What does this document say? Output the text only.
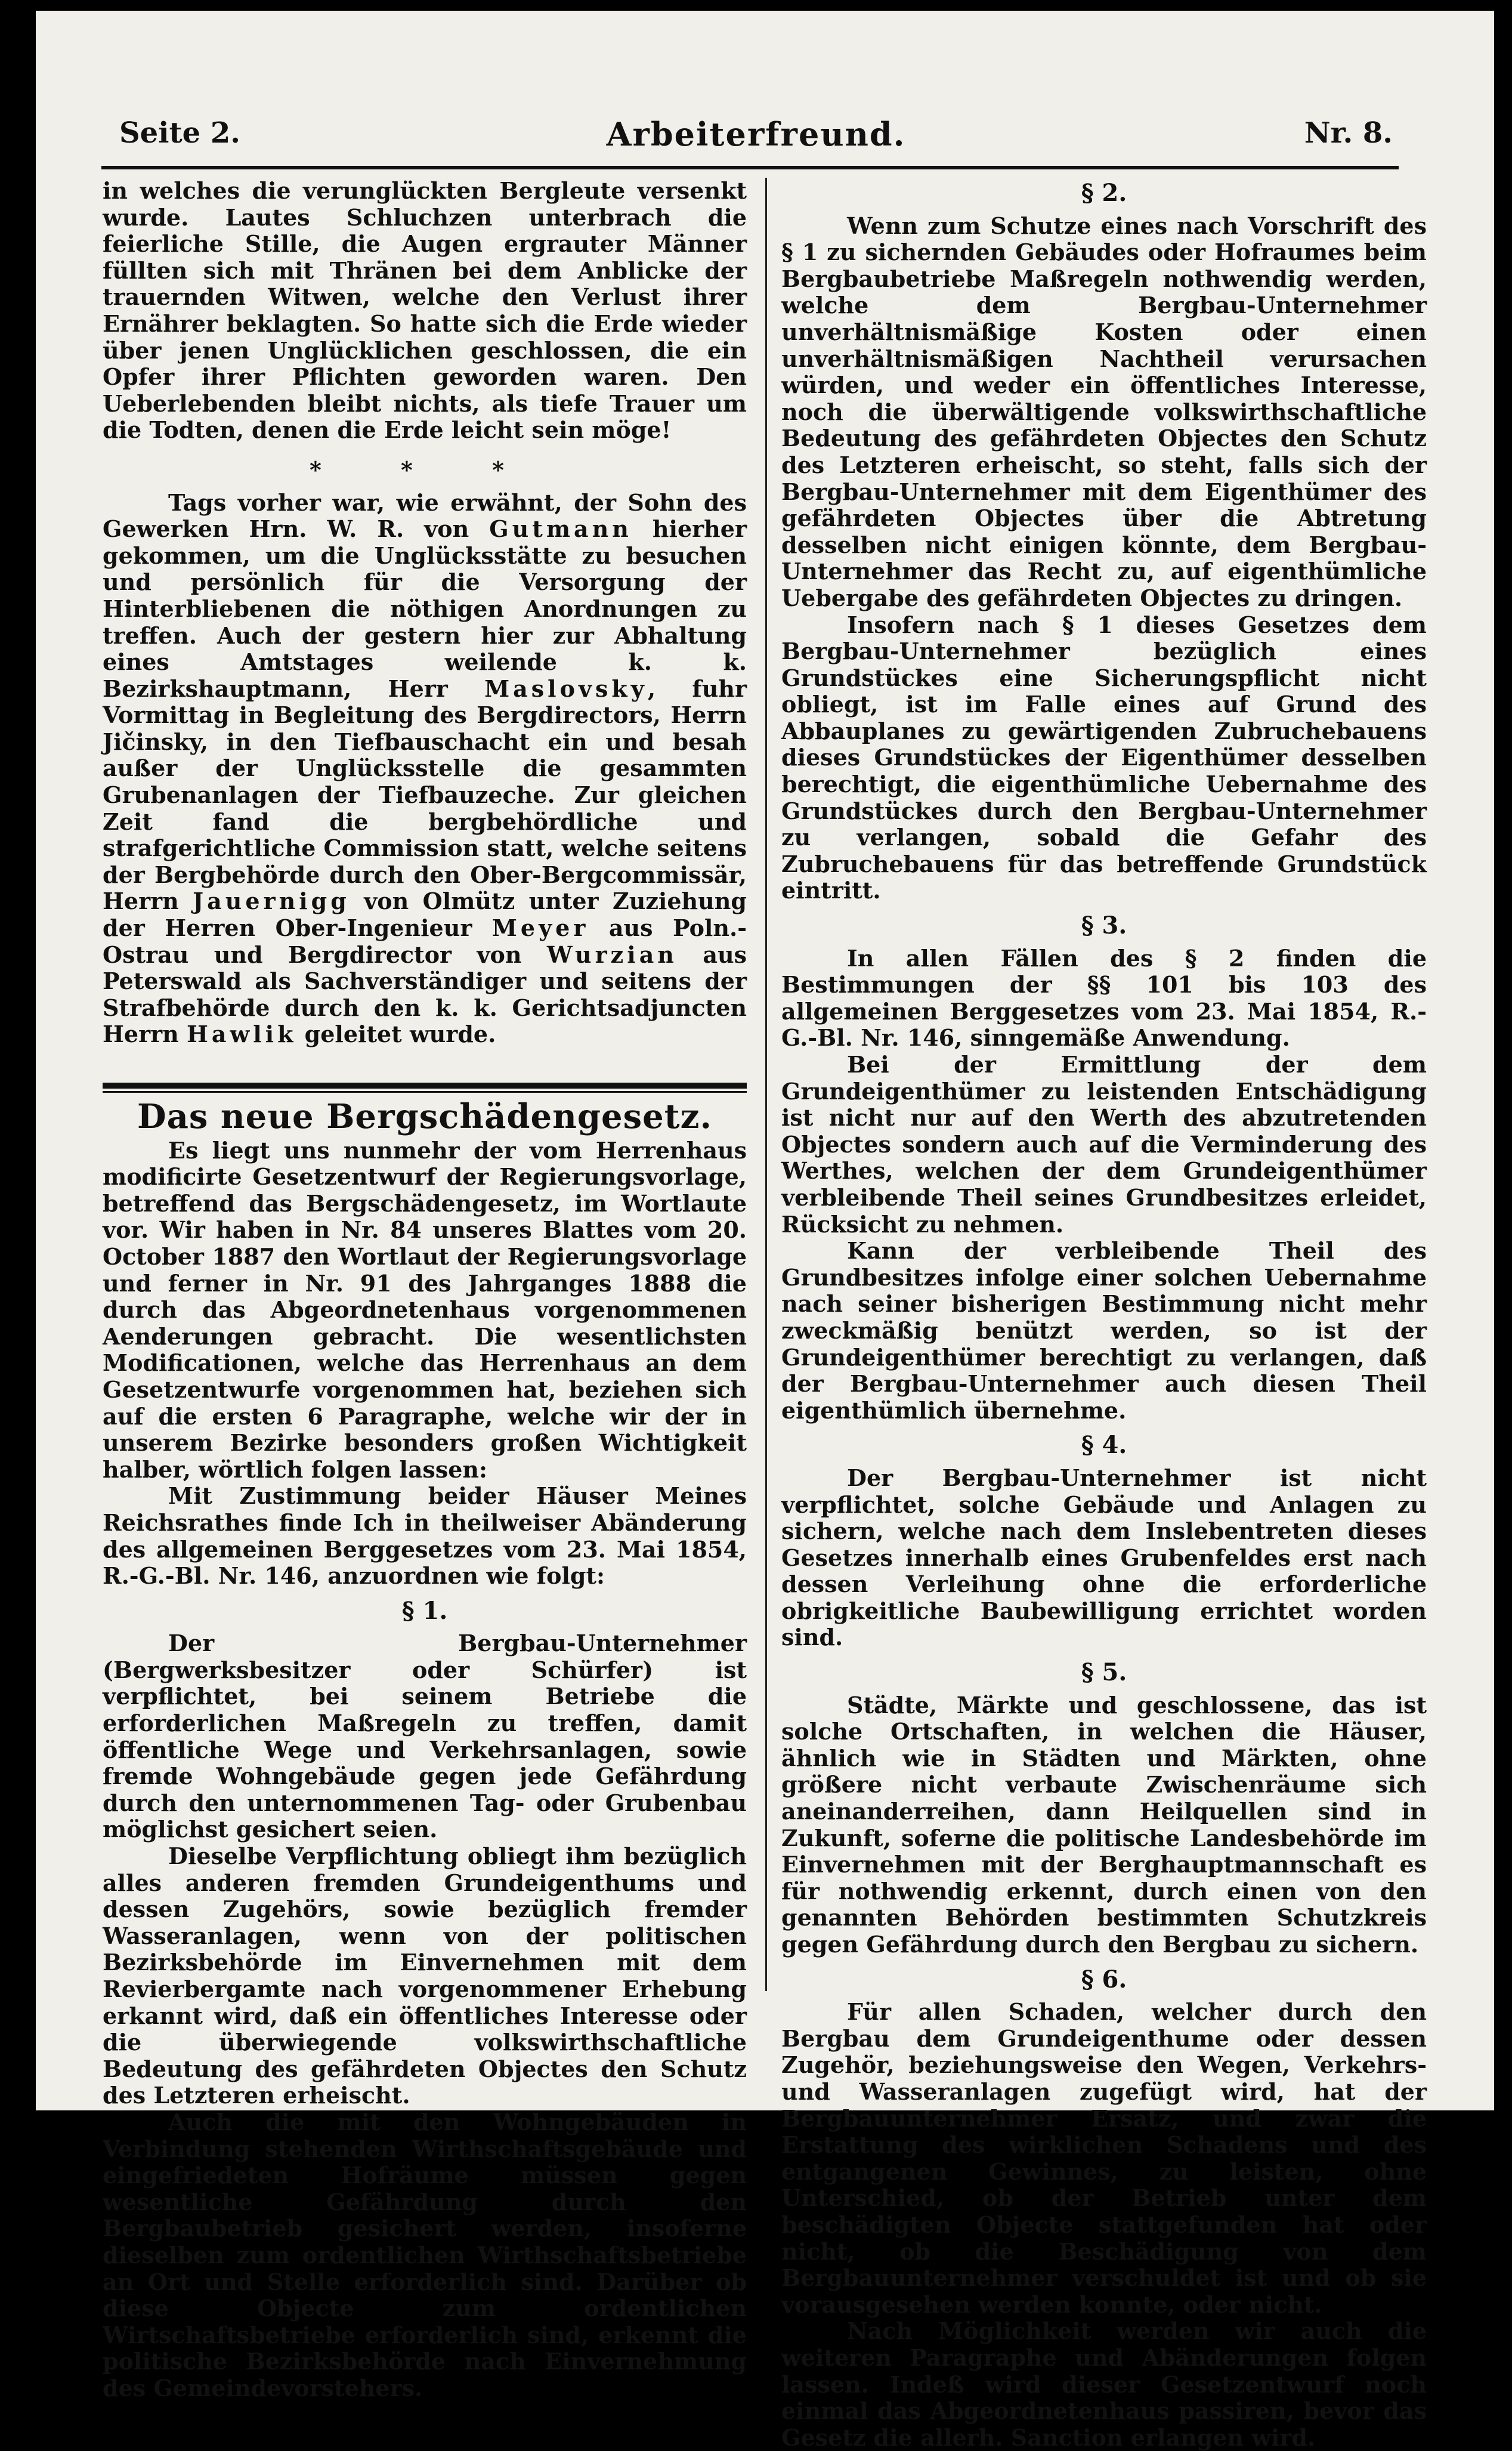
Seite 2.	Arbeiterfreund.	Nr. 8.

in welches die verunglückten Bergleute versenkt wurde. Lautes Schluchzen unterbrach die feierliche Stille, die Augen ergrauter Männer füllten sich mit Thränen bei dem Anblicke der trauernden Witwen, welche den Verlust ihrer Ernährer beklagten. So hatte sich die Erde wieder über jenen Unglücklichen geschlossen, die ein Opfer ihrer Pflichten geworden waren. Den Ueberlebenden bleibt nichts, als tiefe Trauer um die Todten, denen die Erde leicht sein möge!

* * *

Tags vorher war, wie erwähnt, der Sohn des Gewerken Hrn. W. R. von Gutmann hierher gekommen, um die Unglücksstätte zu besuchen und persönlich für die Versorgung der Hinterbliebenen die nöthigen Anordnungen zu treffen. Auch der gestern hier zur Abhaltung eines Amtstages weilende k. k. Bezirkshauptmann, Herr Maslovsky, fuhr Vormittag in Begleitung des Bergdirectors, Herrn Jičinsky, in den Tiefbauschacht ein und besah außer der Unglücksstelle die gesammten Grubenanlagen der Tiefbauzeche. Zur gleichen Zeit fand die bergbehördliche und strafgerichtliche Commission statt, welche seitens der Bergbehörde durch den Ober-Bergcommissär, Herrn Jauernigg von Olmütz unter Zuziehung der Herren Ober-Ingenieur Meyer aus Poln.-Ostrau und Bergdirector von Wurzian aus Peterswald als Sachverständiger und seitens der Strafbehörde durch den k. k. Gerichtsadjuncten Herrn Hawlik geleitet wurde.

Das neue Bergschädengesetz.

Es liegt uns nunmehr der vom Herrenhaus modificirte Gesetzentwurf der Regierungsvorlage, betreffend das Bergschädengesetz, im Wortlaute vor. Wir haben in Nr. 84 unseres Blattes vom 20. October 1887 den Wortlaut der Regierungsvorlage und ferner in Nr. 91 des Jahrganges 1888 die durch das Abgeordnetenhaus vorgenommenen Aenderungen gebracht. Die wesentlichsten Modificationen, welche das Herrenhaus an dem Gesetzentwurfe vorgenommen hat, beziehen sich auf die ersten 6 Paragraphe, welche wir der in unserem Bezirke besonders großen Wichtigkeit halber, wörtlich folgen lassen:

Mit Zustimmung beider Häuser Meines Reichsrathes finde Ich in theilweiser Abänderung des allgemeinen Berggesetzes vom 23. Mai 1854, R.-G.-Bl. Nr. 146, anzuordnen wie folgt:

§ 1.

Der Bergbau-Unternehmer (Bergwerksbesitzer oder Schürfer) ist verpflichtet, bei seinem Betriebe die erforderlichen Maßregeln zu treffen, damit öffentliche Wege und Verkehrsanlagen, sowie fremde Wohngebäude gegen jede Gefährdung durch den unternommenen Tag- oder Grubenbau möglichst gesichert seien.

Dieselbe Verpflichtung obliegt ihm bezüglich alles anderen fremden Grundeigenthums und dessen Zugehörs, sowie bezüglich fremder Wasseranlagen, wenn von der politischen Bezirksbehörde im Einvernehmen mit dem Revierbergamte nach vorgenommener Erhebung erkannt wird, daß ein öffentliches Interesse oder die überwiegende volkswirthschaftliche Bedeutung des gefährdeten Objectes den Schutz des Letzteren erheischt.

Auch die mit den Wohngebäuden in Verbindung stehenden Wirthschaftsgebäude und eingefriedeten Hofräume müssen gegen wesentliche Gefährdung durch den Bergbaubetrieb gesichert werden, insoferne dieselben zum ordentlichen Wirthschaftsbetriebe an Ort und Stelle erforderlich sind. Darüber ob diese Objecte zum ordentlichen Wirtschaftsbetriebe erforderlich sind, erkennt die politische Bezirksbehörde nach Einvernehmung des Gemeindevorstehers.

§ 2.

Wenn zum Schutze eines nach Vorschrift des § 1 zu sichernden Gebäudes oder Hofraumes beim Bergbaubetriebe Maßregeln nothwendig werden, welche dem Bergbau-Unternehmer unverhältnismäßige Kosten oder einen unverhältnismäßigen Nachtheil verursachen würden, und weder ein öffentliches Interesse, noch die überwältigende volkswirthschaftliche Bedeutung des gefährdeten Objectes den Schutz des Letzteren erheischt, so steht, falls sich der Bergbau-Unternehmer mit dem Eigenthümer des gefährdeten Objectes über die Abtretung desselben nicht einigen könnte, dem Bergbau-Unternehmer das Recht zu, auf eigenthümliche Uebergabe des gefährdeten Objectes zu dringen.

Insofern nach § 1 dieses Gesetzes dem Bergbau-Unternehmer bezüglich eines Grundstückes eine Sicherungspflicht nicht obliegt, ist im Falle eines auf Grund des Abbauplanes zu gewärtigenden Zubruchebauens dieses Grundstückes der Eigenthümer desselben berechtigt, die eigenthümliche Uebernahme des Grundstückes durch den Bergbau-Unternehmer zu verlangen, sobald die Gefahr des Zubruchebauens für das betreffende Grundstück eintritt.

§ 3.

In allen Fällen des § 2 finden die Bestimmungen der §§ 101 bis 103 des allgemeinen Berggesetzes vom 23. Mai 1854, R.-G.-Bl. Nr. 146, sinngemäße Anwendung.

Bei der Ermittlung der dem Grundeigenthümer zu leistenden Entschädigung ist nicht nur auf den Werth des abzutretenden Objectes sondern auch auf die Verminderung des Werthes, welchen der dem Grundeigenthümer verbleibende Theil seines Grundbesitzes erleidet, Rücksicht zu nehmen.

Kann der verbleibende Theil des Grundbesitzes infolge einer solchen Uebernahme nach seiner bisherigen Bestimmung nicht mehr zweckmäßig benützt werden, so ist der Grundeigenthümer berechtigt zu verlangen, daß der Bergbau-Unternehmer auch diesen Theil eigenthümlich übernehme.

§ 4.

Der Bergbau-Unternehmer ist nicht verpflichtet, solche Gebäude und Anlagen zu sichern, welche nach dem Inslebentreten dieses Gesetzes innerhalb eines Grubenfeldes erst nach dessen Verleihung ohne die erforderliche obrigkeitliche Baubewilligung errichtet worden sind.

§ 5.

Städte, Märkte und geschlossene, das ist solche Ortschaften, in welchen die Häuser, ähnlich wie in Städten und Märkten, ohne größere nicht verbaute Zwischenräume sich aneinanderreihen, dann Heilquellen sind in Zukunft, soferne die politische Landesbehörde im Einvernehmen mit der Berghauptmannschaft es für nothwendig erkennt, durch einen von den genannten Behörden bestimmten Schutzkreis gegen Gefährdung durch den Bergbau zu sichern.

§ 6.

Für allen Schaden, welcher durch den Bergbau dem Grundeigenthume oder dessen Zugehör, beziehungsweise den Wegen, Verkehrs- und Wasseranlagen zugefügt wird, hat der Bergbauunternehmer Ersatz, und zwar die Erstattung des wirklichen Schadens und des entgangenen Gewinnes, zu leisten, ohne Unterschied, ob der Betrieb unter dem beschädigten Objecte stattgefunden hat oder nicht, ob die Beschädigung von dem Bergbauunternehmer verschuldet ist und ob sie vorausgesehen werden konnte, oder nicht.

Nach Möglichkeit werden wir auch die weiteren Paragraphe und Abänderungen folgen lassen. Indeß wird dieser Gesetzentwurf noch einmal das Abgeordnetenhaus passiren, bevor das Gesetz die allerh. Sanction erlangen wird.
